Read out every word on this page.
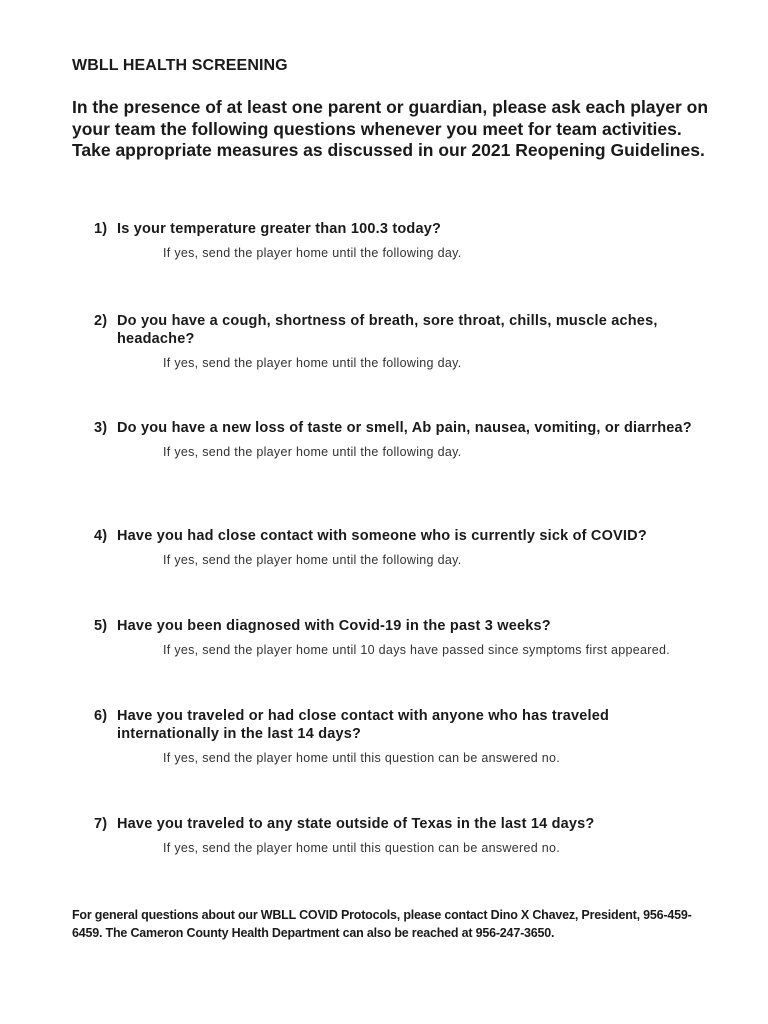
WBLL HEALTH SCREENING
In the presence of at least one parent or guardian, please ask each player on your team the following questions whenever you meet for team activities. Take appropriate measures as discussed in our 2021 Reopening Guidelines.
1) Is your temperature greater than 100.3 today?
If yes, send the player home until the following day.
2) Do you have a cough, shortness of breath, sore throat, chills, muscle aches, headache?
If yes, send the player home until the following day.
3) Do you have a new loss of taste or smell, Ab pain, nausea, vomiting, or diarrhea?
If yes, send the player home until the following day.
4) Have you had close contact with someone who is currently sick of COVID?
If yes, send the player home until the following day.
5) Have you been diagnosed with Covid-19 in the past 3 weeks?
If yes, send the player home until 10 days have passed since symptoms first appeared.
6) Have you traveled or had close contact with anyone who has traveled internationally in the last 14 days?
If yes, send the player home until this question can be answered no.
7) Have you traveled to any state outside of Texas in the last 14 days?
If yes, send the player home until this question can be answered no.
For general questions about our WBLL COVID Protocols, please contact Dino X Chavez, President, 956-459-6459. The Cameron County Health Department can also be reached at 956-247-3650.
